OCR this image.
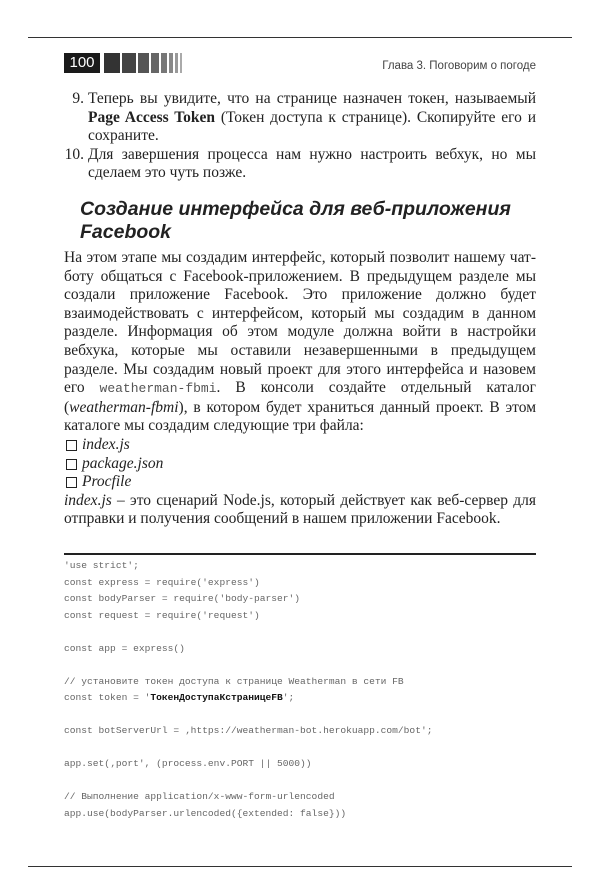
100	Глава 3. Поговорим о погоде
9. Теперь вы увидите, что на странице назначен токен, называемый Page Access Token (Токен доступа к странице). Скопируйте его и сохраните.
10. Для завершения процесса нам нужно настроить вебхук, но мы сделаем это чуть позже.
Создание интерфейса для веб-приложения Facebook
На этом этапе мы создадим интерфейс, который позволит нашему чат-боту общаться с Facebook-приложением. В предыдущем разделе мы создали приложение Facebook. Это приложение должно будет взаимодействовать с интерфейсом, который мы создадим в данном разделе. Информация об этом модуле должна войти в настройки вебхука, которые мы оставили незавершенными в предыдущем разделе. Мы создадим новый проект для этого интерфейса и назовем его weatherman-fbmi. В консоли создайте отдельный каталог (weatherman-fbmi), в котором будет храниться данный проект. В этом каталоге мы создадим следующие три файла:
index.js
package.json
Procfile
index.js – это сценарий Node.js, который действует как веб-сервер для отправки и получения сообщений в нашем приложении Facebook.
'use strict';
const express = require('express')
const bodyParser = require('body-parser')
const request = require('request')

const app = express()

// установите токен доступа к странице Weatherman в сети FB
const token = 'ТокенДоступаКстраницеFB';

const botServerUrl = ‚https://weatherman-bot.herokuapp.com/bot';

app.set(‚port', (process.env.PORT || 5000))

// Выполнение application/x-www-form-urlencoded
app.use(bodyParser.urlencoded({extended: false}))
